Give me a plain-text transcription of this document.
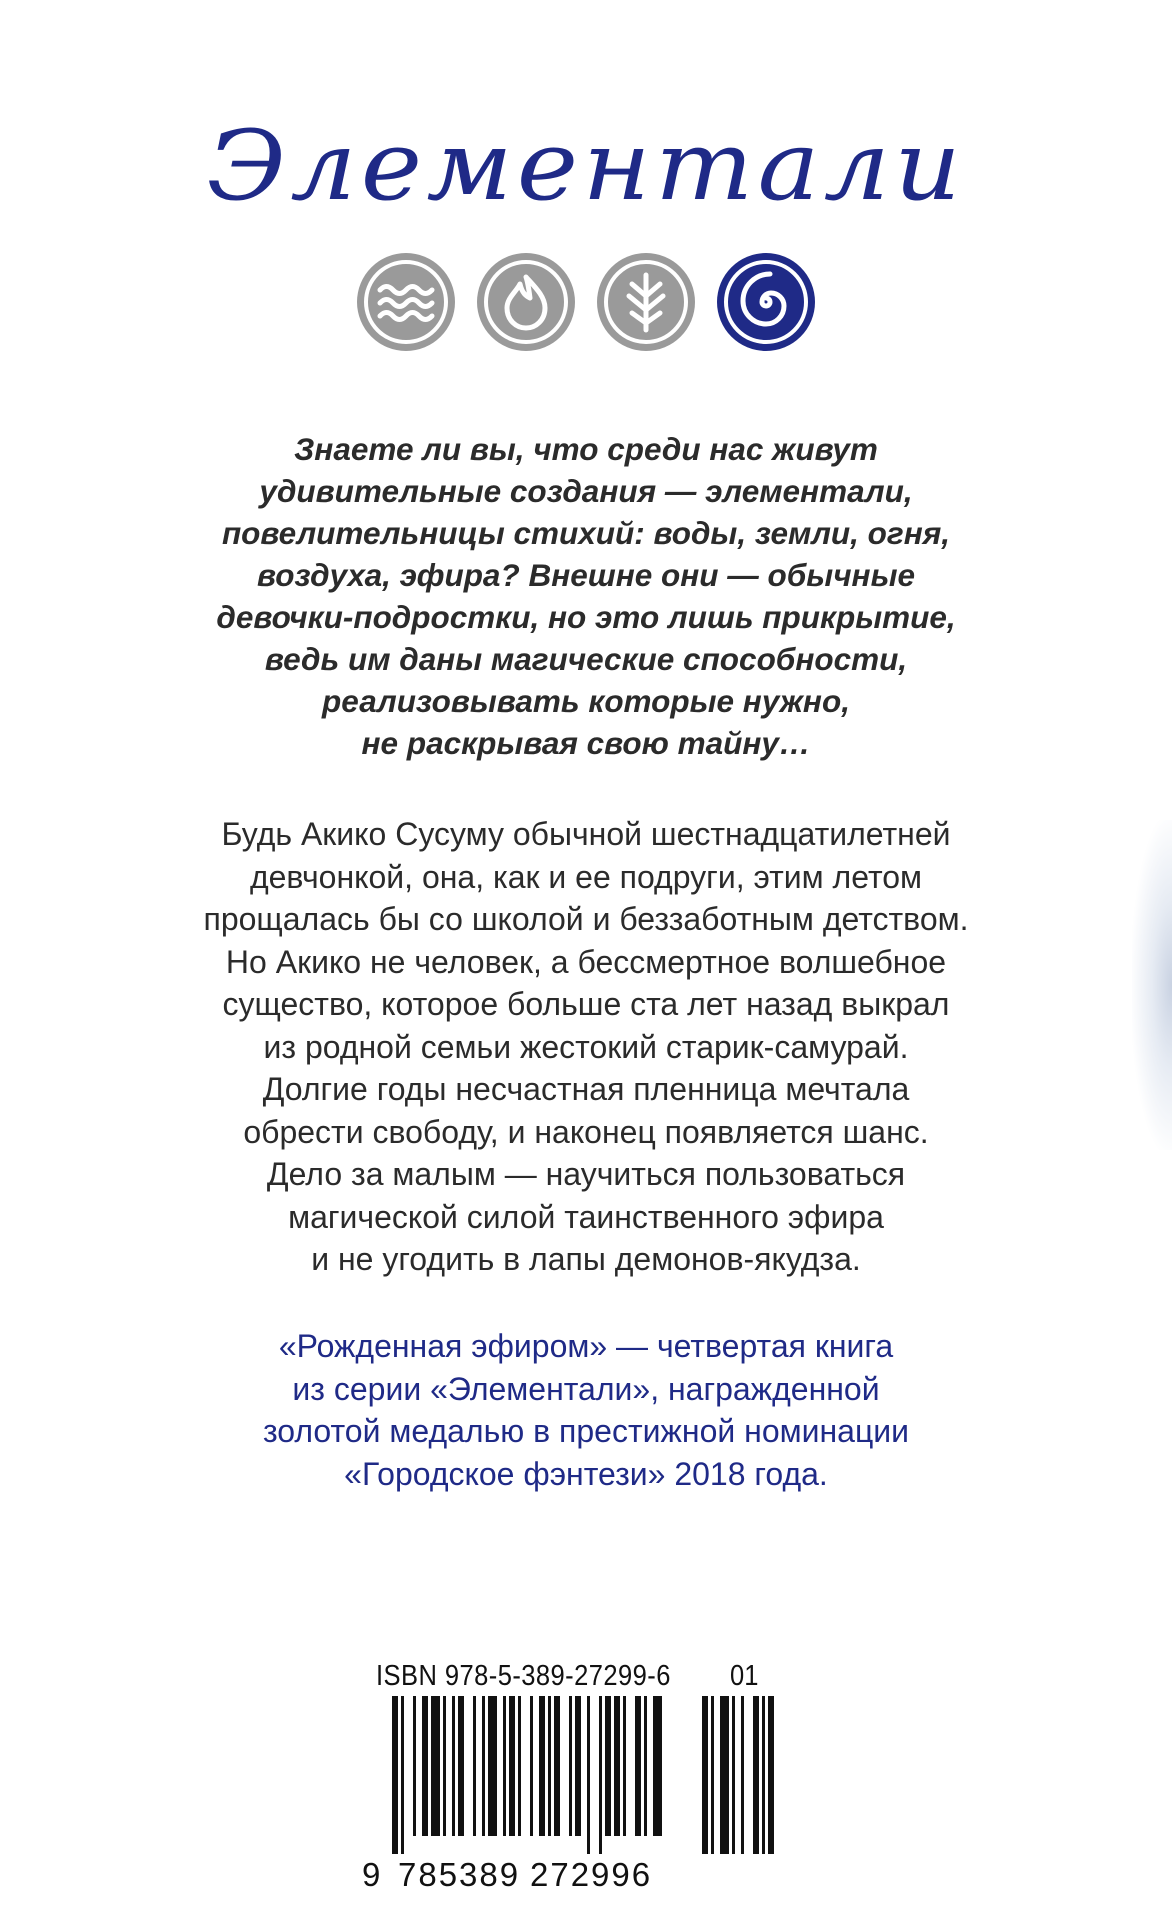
Элементали

Знаете ли вы, что среди нас живут
удивительные создания — элементали,
повелительницы стихий: воды, земли, огня,
воздуха, эфира? Внешне они — обычные
девочки-подростки, но это лишь прикрытие,
ведь им даны магические способности,
реализовывать которые нужно,
не раскрывая свою тайну…

Будь Акико Сусуму обычной шестнадцатилетней
девчонкой, она, как и ее подруги, этим летом
прощалась бы со школой и беззаботным детством.
Но Акико не человек, а бессмертное волшебное
существо, которое больше ста лет назад выкрал
из родной семьи жестокий старик-самурай.
Долгие годы несчастная пленница мечтала
обрести свободу, и наконец появляется шанс.
Дело за малым — научиться пользоваться
магической силой таинственного эфира
и не угодить в лапы демонов-якудза.

«Рожденная эфиром» — четвертая книга
из серии «Элементали», награжденной
золотой медалью в престижной номинации
«Городское фэнтези» 2018 года.

ISBN 978-5-389-27299-6 01
9 785389 272996
